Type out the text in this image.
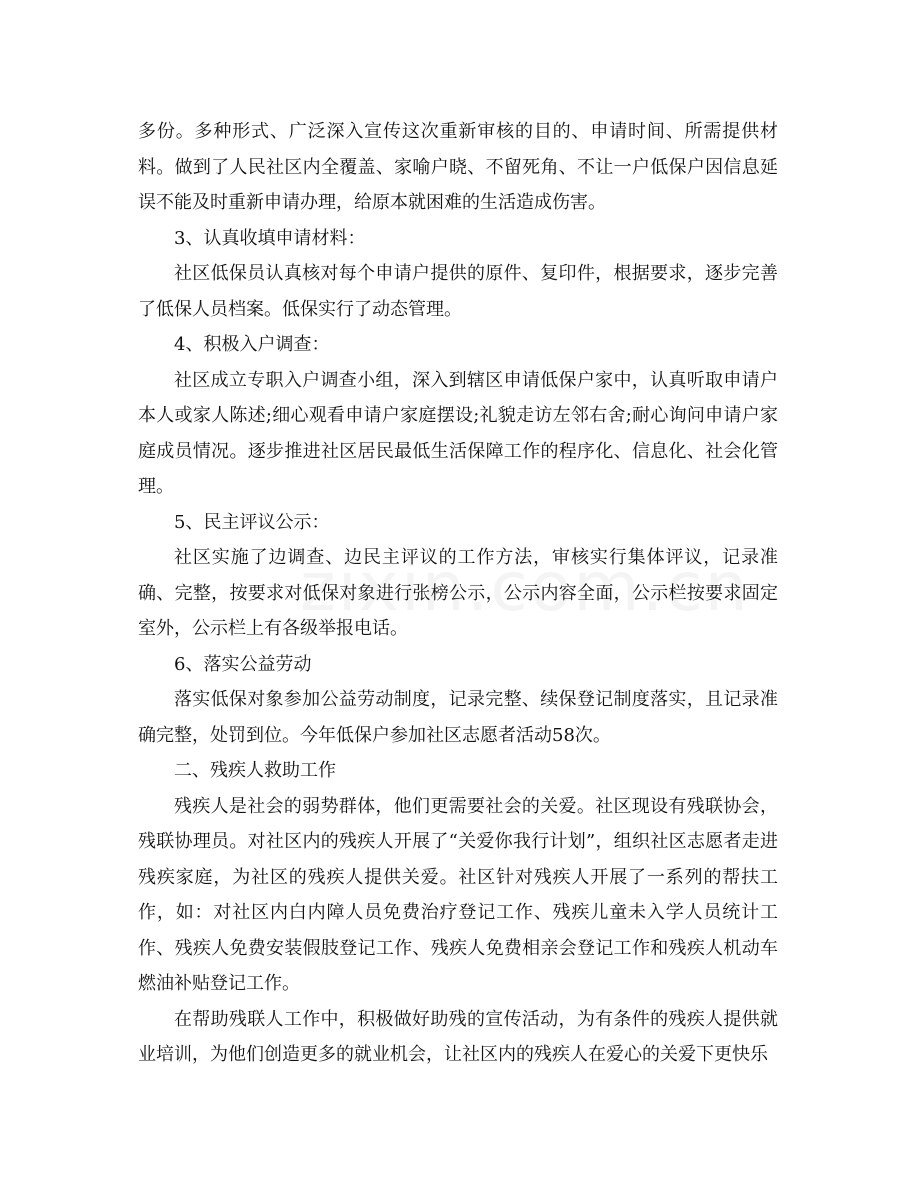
多份。多种形式、广泛深入宣传这次重新审核的目的、申请时间、所需提供材料。做到了人民社区内全覆盖、家喻户晓、不留死角、不让一户低保户因信息延误不能及时重新申请办理，给原本就困难的生活造成伤害。

3、认真收填申请材料：

社区低保员认真核对每个申请户提供的原件、复印件，根据要求，逐步完善了低保人员档案。低保实行了动态管理。

4、积极入户调查：

社区成立专职入户调查小组，深入到辖区申请低保户家中，认真听取申请户本人或家人陈述;细心观看申请户家庭摆设;礼貌走访左邻右舍;耐心询问申请户家庭成员情况。逐步推进社区居民最低生活保障工作的程序化、信息化、社会化管理。

5、民主评议公示：

社区实施了边调查、边民主评议的工作方法，审核实行集体评议，记录准确、完整，按要求对低保对象进行张榜公示，公示内容全面，公示栏按要求固定室外，公示栏上有各级举报电话。

6、落实公益劳动

落实低保对象参加公益劳动制度，记录完整、续保登记制度落实，且记录准确完整，处罚到位。今年低保户参加社区志愿者活动58次。

二、残疾人救助工作

残疾人是社会的弱势群体，他们更需要社会的关爱。社区现设有残联协会，残联协理员。对社区内的残疾人开展了“关爱你我行计划”，组织社区志愿者走进残疾家庭，为社区的残疾人提供关爱。社区针对残疾人开展了一系列的帮扶工作，如：对社区内白内障人员免费治疗登记工作、残疾儿童未入学人员统计工作、残疾人免费安装假肢登记工作、残疾人免费相亲会登记工作和残疾人机动车燃油补贴登记工作。

在帮助残联人工作中，积极做好助残的宣传活动，为有条件的残疾人提供就业培训，为他们创造更多的就业机会，让社区内的残疾人在爱心的关爱下更快乐
